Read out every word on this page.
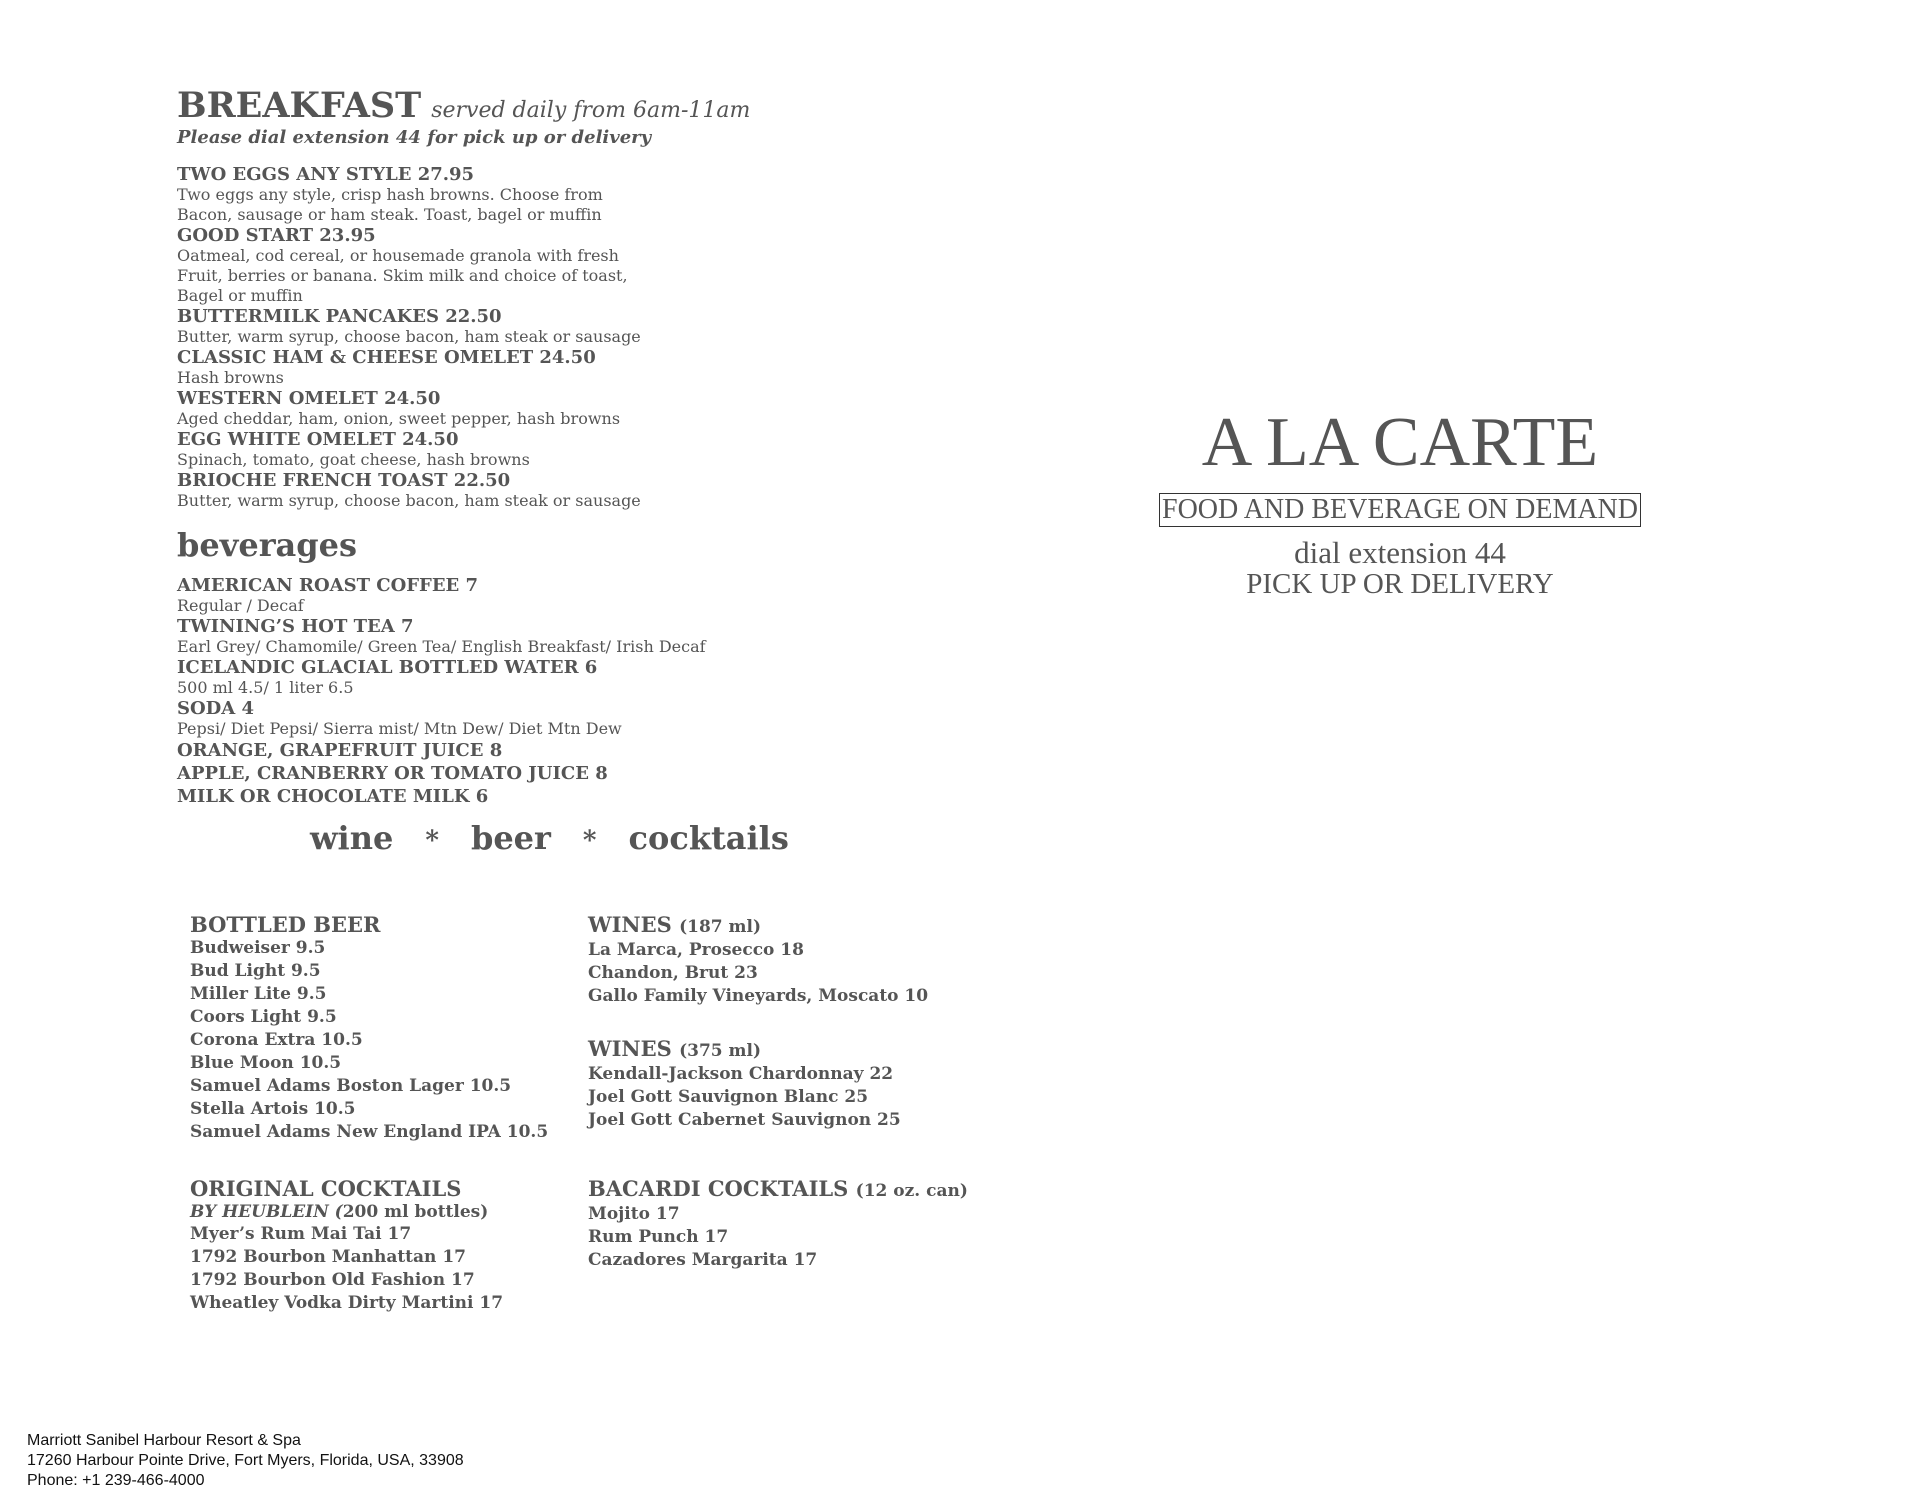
BREAKFAST served daily from 6am-11am
Please dial extension 44 for pick up or delivery
TWO EGGS ANY STYLE 27.95
Two eggs any style, crisp hash browns. Choose from
Bacon, sausage or ham steak. Toast, bagel or muffin
GOOD START 23.95
Oatmeal, cod cereal, or housemade granola with fresh
Fruit, berries or banana. Skim milk and choice of toast,
Bagel or muffin
BUTTERMILK PANCAKES 22.50
Butter, warm syrup, choose bacon, ham steak or sausage
CLASSIC HAM & CHEESE OMELET 24.50
Hash browns
WESTERN OMELET 24.50
Aged cheddar, ham, onion, sweet pepper, hash browns
EGG WHITE OMELET 24.50
Spinach, tomato, goat cheese, hash browns
BRIOCHE FRENCH TOAST 22.50
Butter, warm syrup, choose bacon, ham steak or sausage
beverages
AMERICAN ROAST COFFEE 7
Regular / Decaf
TWINING’S HOT TEA 7
Earl Grey/ Chamomile/ Green Tea/ English Breakfast/ Irish Decaf
ICELANDIC GLACIAL BOTTLED WATER 6
500 ml 4.5/ 1 liter 6.5
SODA 4
Pepsi/ Diet Pepsi/ Sierra mist/ Mtn Dew/ Diet Mtn Dew
ORANGE, GRAPEFRUIT JUICE 8
APPLE, CRANBERRY OR TOMATO JUICE 8
MILK OR CHOCOLATE MILK 6
wine * beer * cocktails
BOTTLED BEER
Budweiser 9.5
Bud Light 9.5
Miller Lite 9.5
Coors Light 9.5
Corona Extra 10.5
Blue Moon 10.5
Samuel Adams Boston Lager 10.5
Stella Artois 10.5
Samuel Adams New England IPA 10.5
WINES (187 ml)
La Marca, Prosecco 18
Chandon, Brut 23
Gallo Family Vineyards, Moscato 10
WINES (375 ml)
Kendall-Jackson Chardonnay 22
Joel Gott Sauvignon Blanc 25
Joel Gott Cabernet Sauvignon 25
ORIGINAL COCKTAILS
BY HEUBLEIN (200 ml bottles)
Myer’s Rum Mai Tai 17
1792 Bourbon Manhattan 17
1792 Bourbon Old Fashion 17
Wheatley Vodka Dirty Martini 17
BACARDI COCKTAILS (12 oz. can)
Mojito 17
Rum Punch 17
Cazadores Margarita 17
A LA CARTE
FOOD AND BEVERAGE ON DEMAND
dial extension 44
PICK UP OR DELIVERY
Marriott Sanibel Harbour Resort & Spa
17260 Harbour Pointe Drive, Fort Myers, Florida, USA, 33908
Phone: +1 239-466-4000
